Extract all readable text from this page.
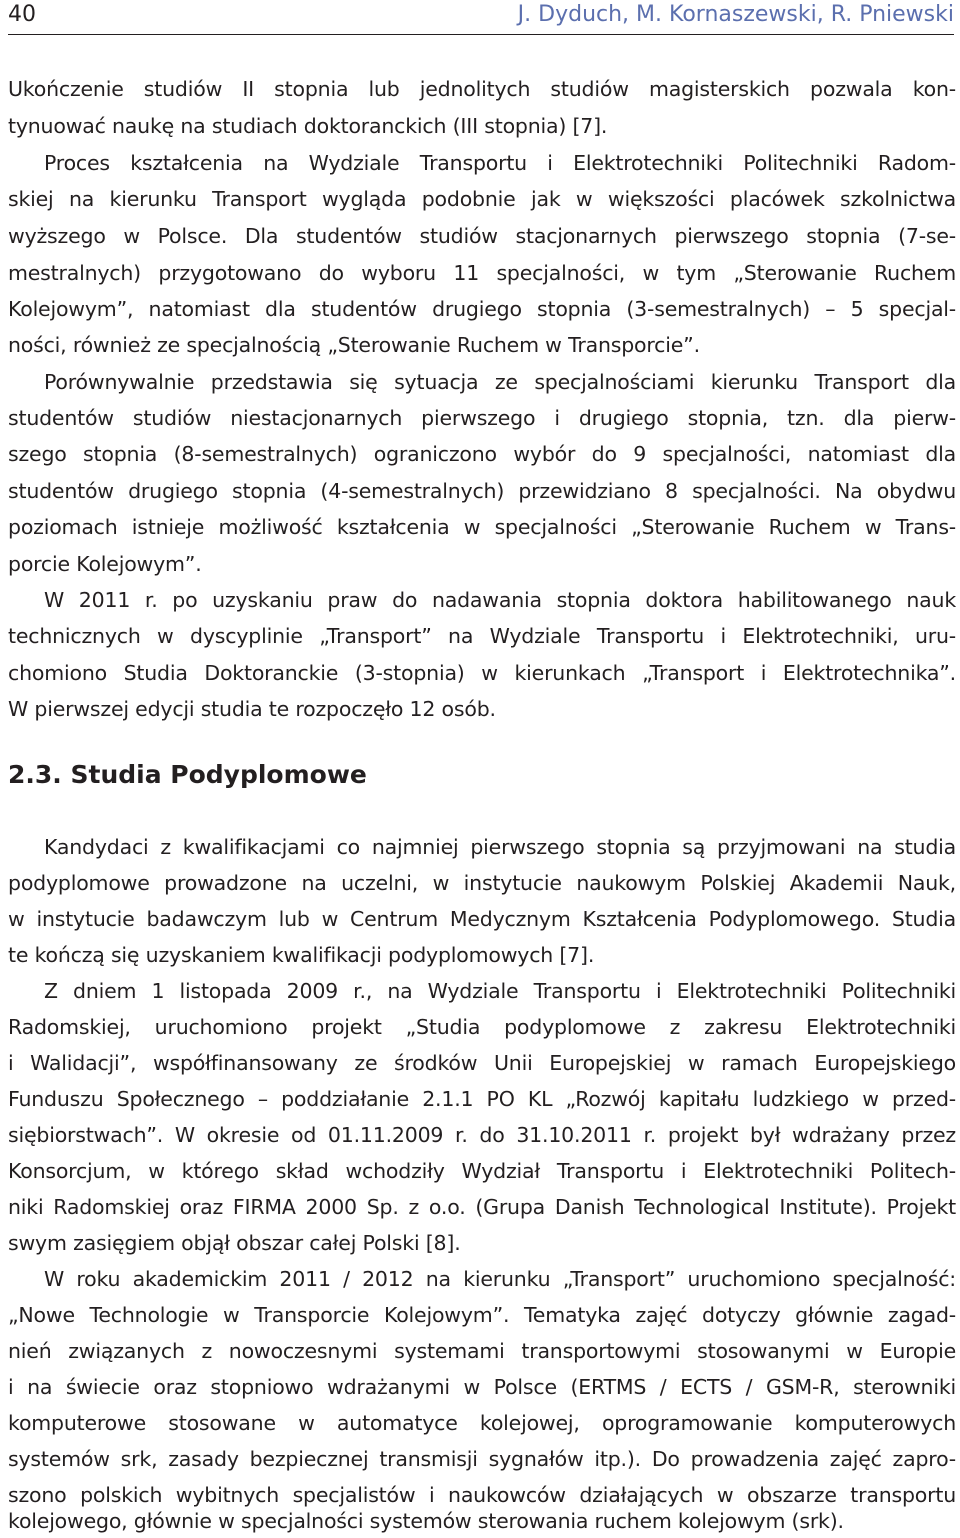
40	J. Dyduch, M. Kornaszewski, R. Pniewski
Ukończenie studiów II stopnia lub jednolitych studiów magisterskich pozwala kon-
tynuować naukę na studiach doktoranckich (III stopnia) [7].
Proces kształcenia na Wydziale Transportu i Elektrotechniki Politechniki Radom-
skiej na kierunku Transport wygląda podobnie jak w większości placówek szkolnictwa
wyższego w Polsce. Dla studentów studiów stacjonarnych pierwszego stopnia (7-se-
mestralnych) przygotowano do wyboru 11 specjalności, w tym „Sterowanie Ruchem
Kolejowym”, natomiast dla studentów drugiego stopnia (3-semestralnych) – 5 specjal-
ności, również ze specjalnością „Sterowanie Ruchem w Transporcie”.
Porównywalnie przedstawia się sytuacja ze specjalnościami kierunku Transport dla
studentów studiów niestacjonarnych pierwszego i drugiego stopnia, tzn. dla pierw-
szego stopnia (8-semestralnych) ograniczono wybór do 9 specjalności, natomiast dla
studentów drugiego stopnia (4-semestralnych) przewidziano 8 specjalności. Na obydwu
poziomach istnieje możliwość kształcenia w specjalności „Sterowanie Ruchem w Trans-
porcie Kolejowym”.
W 2011 r. po uzyskaniu praw do nadawania stopnia doktora habilitowanego nauk
technicznych w dyscyplinie „Transport” na Wydziale Transportu i Elektrotechniki, uru-
chomiono Studia Doktoranckie (3-stopnia) w kierunkach „Transport i Elektrotechnika”.
W pierwszej edycji studia te rozpoczęło 12 osób.
2.3. Studia Podyplomowe
Kandydaci z kwalifikacjami co najmniej pierwszego stopnia są przyjmowani na studia
podyplomowe prowadzone na uczelni, w instytucie naukowym Polskiej Akademii Nauk,
w instytucie badawczym lub w Centrum Medycznym Kształcenia Podyplomowego. Studia
te kończą się uzyskaniem kwalifikacji podyplomowych [7].
Z dniem 1 listopada 2009 r., na Wydziale Transportu i Elektrotechniki Politechniki
Radomskiej, uruchomiono projekt „Studia podyplomowe z zakresu Elektrotechniki
i Walidacji”, współfinansowany ze środków Unii Europejskiej w ramach Europejskiego
Funduszu Społecznego – poddziałanie 2.1.1 PO KL „Rozwój kapitału ludzkiego w przed-
siębiorstwach”. W okresie od 01.11.2009 r. do 31.10.2011 r. projekt był wdrażany przez
Konsorcjum, w którego skład wchodziły Wydział Transportu i Elektrotechniki Politech-
niki Radomskiej oraz FIRMA 2000 Sp. z o.o. (Grupa Danish Technological Institute). Projekt
swym zasięgiem objął obszar całej Polski [8].
W roku akademickim 2011 / 2012 na kierunku „Transport” uruchomiono specjalność:
„Nowe Technologie w Transporcie Kolejowym”. Tematyka zajęć dotyczy głównie zagad-
nień związanych z nowoczesnymi systemami transportowymi stosowanymi w Europie
i na świecie oraz stopniowo wdrażanymi w Polsce (ERTMS / ECTS / GSM-R, sterowniki
komputerowe stosowane w automatyce kolejowej, oprogramowanie komputerowych
systemów srk, zasady bezpiecznej transmisji sygnałów itp.). Do prowadzenia zajęć zapro-
szono polskich wybitnych specjalistów i naukowców działających w obszarze transportu
kolejowego, głównie w specjalności systemów sterowania ruchem kolejowym (srk).
